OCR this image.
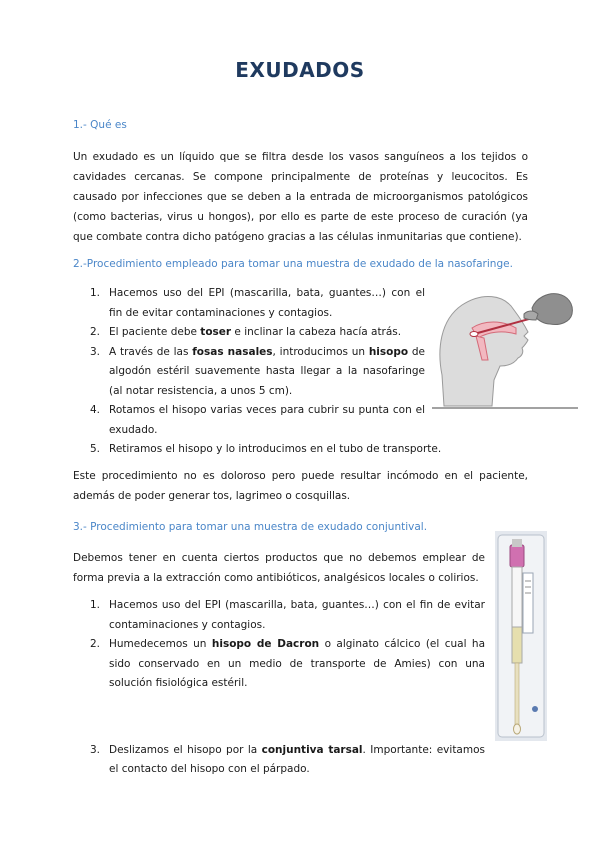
EXUDADOS
1.- Qué es

Un exudado es un líquido que se filtra desde los vasos sanguíneos a los tejidos o cavidades cercanas. Se compone principalmente de proteínas y leucocitos. Es causado por infecciones que se deben a la entrada de microorganismos patológicos (como bacterias, virus u hongos), por ello es parte de este proceso de curación (ya que combate contra dicho patógeno gracias a las células inmunitarias que contiene).

2.-Procedimiento empleado para tomar una muestra de exudado de la nasofaringe.
1. Hacemos uso del EPI (mascarilla, bata, guantes…) con el fin de evitar contaminaciones y contagios.
2. El paciente debe toser e inclinar la cabeza hacía atrás.
3. A través de las fosas nasales, introducimos un hisopo de algodón estéril suavemente hasta llegar a la nasofaringe (al notar resistencia, a unos 5 cm).
4. Rotamos el hisopo varias veces para cubrir su punta con el exudado.
5. Retiramos el hisopo y lo introducimos en el tubo de transporte.

Este procedimiento no es doloroso pero puede resultar incómodo en el paciente, además de poder generar tos, lagrimeo o cosquillas.

3.- Procedimiento para tomar una muestra de exudado conjuntival.

Debemos tener en cuenta ciertos productos que no debemos emplear de forma previa a la extracción como antibióticos, analgésicos locales o colirios.

1. Hacemos uso del EPI (mascarilla, bata, guantes…) con el fin de evitar contaminaciones y contagios.
2. Humedecemos un hisopo de Dacron o alginato cálcico (el cual ha sido conservado en un medio de transporte de Amies) con una solución fisiológica estéril.
3. Deslizamos el hisopo por la conjuntiva tarsal. Importante: evitamos el contacto del hisopo con el párpado.
